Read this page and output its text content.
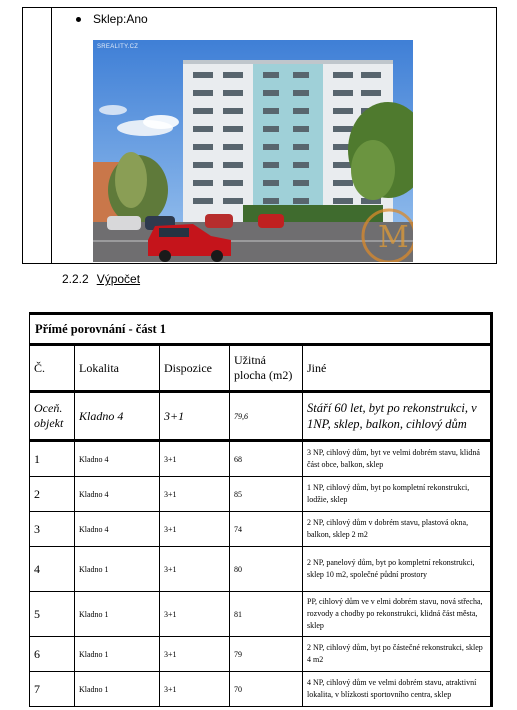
Sklep:Ano
M
SREALITY.CZ
2.2.2 Výpočet
Přímé porovnání - část 1				
Č.	Lokalita	Dispozice	Užitná plocha (m2)	Jiné
Oceň. objekt	Kladno 4	3+1	79,6	Stáří 60 let, byt po rekonstrukci, v 1NP, sklep, balkon, cihlový dům
1	Kladno 4	3+1	68	3 NP, cihlový dům, byt ve velmi dobrém stavu, klidná část obce, balkon, sklep
2	Kladno 4	3+1	85	1 NP, cihlový dům, byt po kompletní rekonstrukci, lodžie, sklep
3	Kladno 4	3+1	74	2 NP, cihlový dům v dobrém stavu, plastová okna, balkon, sklep 2 m2
4	Kladno 1	3+1	80	2 NP, panelový dům, byt po kompletní rekonstrukci, sklep 10 m2, společné půdní prostory
5	Kladno 1	3+1	81	PP, cihlový dům ve v elmi dobrém stavu, nová střecha, rozvody a chodby po rekonstrukci, klidná část města, sklep
6	Kladno 1	3+1	79	2 NP, cihlový dům, byt po částečné rekonstrukci, sklep 4 m2
7	Kladno 1	3+1	70	4 NP, cihlový dům ve velmi dobrém stavu, atraktivní lokalita, v blízkosti sportovního centra, sklep
